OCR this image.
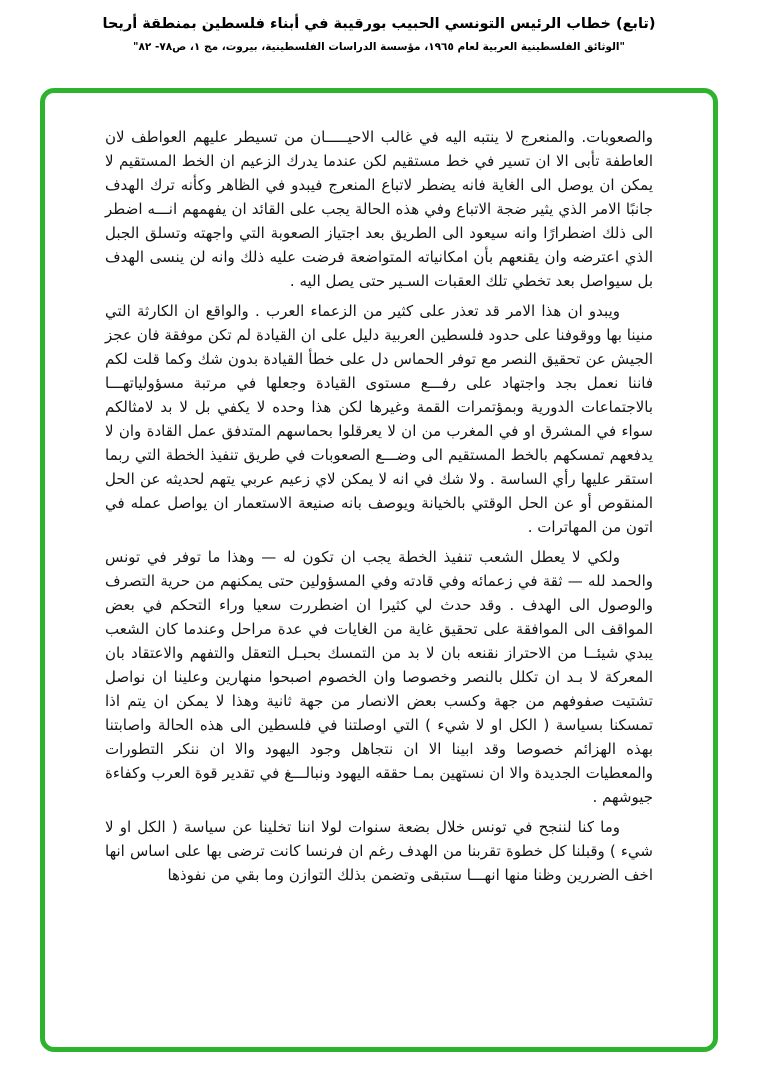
(تابع) خطاب الرئيس التونسي الحبيب بورقيبة في أبناء فلسطين بمنطقة أريحا
"الوثائق الفلسطينية العربية لعام ١٩٦٥، مؤسسة الدراسات الفلسطينية، بيروت، مج ١، ص٧٨- ٨٢"

والصعوبات. والمنعرج لا ينتبه اليه في غالب الاحيـــــان من تسيطر عليهم العواطف لان العاطفة تأبى الا ان تسير في خط مستقيم لكن عندما يدرك الزعيم ان الخط المستقيم لا يمكن ان يوصل الى الغاية فانه يضطر لاتباع المنعرج فيبدو في الظاهر وكأنه ترك الهدف جانبًا الامر الذي يثير ضجة الاتباع وفي هذه الحالة يجب على القائد ان يفهمهم انـــه اضطر الى ذلك اضطرارًا وانه سيعود الى الطريق بعد اجتياز الصعوبة التي واجهته وتسلق الجبل الذي اعترضه وان يقنعهم بأن امكانياته المتواضعة فرضت عليه ذلك وانه لن ينسى الهدف بل سيواصل بعد تخطي تلك العقبات السـير حتى يصل اليه .

ويبدو ان هذا الامر قد تعذر على كثير من الزعماء العرب . والواقع ان الكارثة التي منينا بها ووقوفنا على حدود فلسطين العربية دليل على ان القيادة لم تكن موفقة فان عجز الجيش عن تحقيق النصر مع توفر الحماس دل على خطأ القيادة بدون شك وكما قلت لكم فاننا نعمل بجد واجتهاد على رفـــع مستوى القيادة وجعلها في مرتبة مسؤولياتهـــا بالاجتماعات الدورية وبمؤتمرات القمة وغيرها لكن هذا وحده لا يكفي بل لا بد لامثالكم سواء في المشرق او في المغرب من ان لا يعرقلوا بحماسهم المتدفق عمل القادة وان لا يدفعهم تمسكهم بالخط المستقيم الى وضـــع الصعوبات في طريق تنفيذ الخطة التي ربما استقر عليها رأي الساسة . ولا شك في انه لا يمكن لاي زعيم عربي يتهم لحديثه عن الحل المنقوص أو عن الحل الوقتي بالخيانة ويوصف بانه صنيعة الاستعمار ان يواصل عمله في اتون من المهاترات .

ولكي لا يعطل الشعب تنفيذ الخطة يجب ان تكون له — وهذا ما توفر في تونس والحمد لله — ثقة في زعمائه وفي قادته وفي المسؤولين حتى يمكنهم من حرية التصرف والوصول الى الهدف . وقد حدث لي كثيرا ان اضطررت سعيا وراء التحكم في بعض المواقف الى الموافقة على تحقيق غاية من الغايات في عدة مراحل وعندما كان الشعب يبدي شيئــا من الاحتراز نقنعه بان لا بد من التمسك بحبـل التعقل والتفهم والاعتقاد بان المعركة لا بـد ان تكلل بالنصر وخصوصا وان الخصوم اصبحوا منهارين وعلينا ان نواصل تشتيت صفوفهم من جهة وكسب بعض الانصار من جهة ثانية وهذا لا يمكن ان يتم اذا تمسكنا بسياسة ( الكل او لا شيء ) التي اوصلتنا في فلسطين الى هذه الحالة واصابتنا بهذه الهزائم خصوصا وقد ابينا الا ان نتجاهل وجود اليهود والا ان ننكر التطورات والمعطيات الجديدة والا ان نستهين بمـا حققه اليهود ونبالـــغ في تقدير قوة العرب وكفاءة جيوشهم .

وما كنا لننجح في تونس خلال بضعة سنوات لولا اننا تخلينا عن سياسة ( الكل او لا شيء ) وقبلنا كل خطوة تقربنا من الهدف رغم ان فرنسا كانت ترضى بها على اساس انها اخف الضررين وظنا منها انهـــا ستبقى وتضمن بذلك التوازن وما بقي من نفوذها
